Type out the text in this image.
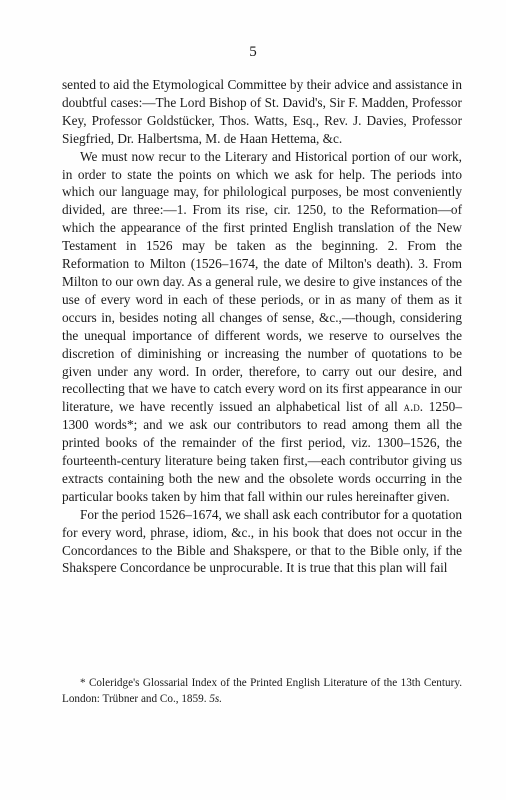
5

sented to aid the Etymological Committee by their advice and assistance in doubtful cases:—The Lord Bishop of St. David's, Sir F. Madden, Professor Key, Professor Goldstücker, Thos. Watts, Esq., Rev. J. Davies, Professor Siegfried, Dr. Halbertsma, M. de Haan Hettema, &c.

We must now recur to the Literary and Historical portion of our work, in order to state the points on which we ask for help. The periods into which our language may, for philological purposes, be most conveniently divided, are three:—1. From its rise, cir. 1250, to the Reformation—of which the appearance of the first printed English translation of the New Testament in 1526 may be taken as the beginning. 2. From the Reformation to Milton (1526–1674, the date of Milton's death). 3. From Milton to our own day. As a general rule, we desire to give instances of the use of every word in each of these periods, or in as many of them as it occurs in, besides noting all changes of sense, &c.,—though, considering the unequal importance of different words, we reserve to ourselves the discretion of diminishing or increasing the number of quotations to be given under any word. In order, therefore, to carry out our desire, and recollecting that we have to catch every word on its first appearance in our literature, we have recently issued an alphabetical list of all a.d. 1250–1300 words*; and we ask our contributors to read among them all the printed books of the remainder of the first period, viz. 1300–1526, the fourteenth-century literature being taken first,—each contributor giving us extracts containing both the new and the obsolete words occurring in the particular books taken by him that fall within our rules hereinafter given.

For the period 1526–1674, we shall ask each contributor for a quotation for every word, phrase, idiom, &c., in his book that does not occur in the Concordances to the Bible and Shakspere, or that to the Bible only, if the Shakspere Concordance be unprocurable. It is true that this plan will fail

* Coleridge's Glossarial Index of the Printed English Literature of the 13th Century. London: Trübner and Co., 1859. 5s.
